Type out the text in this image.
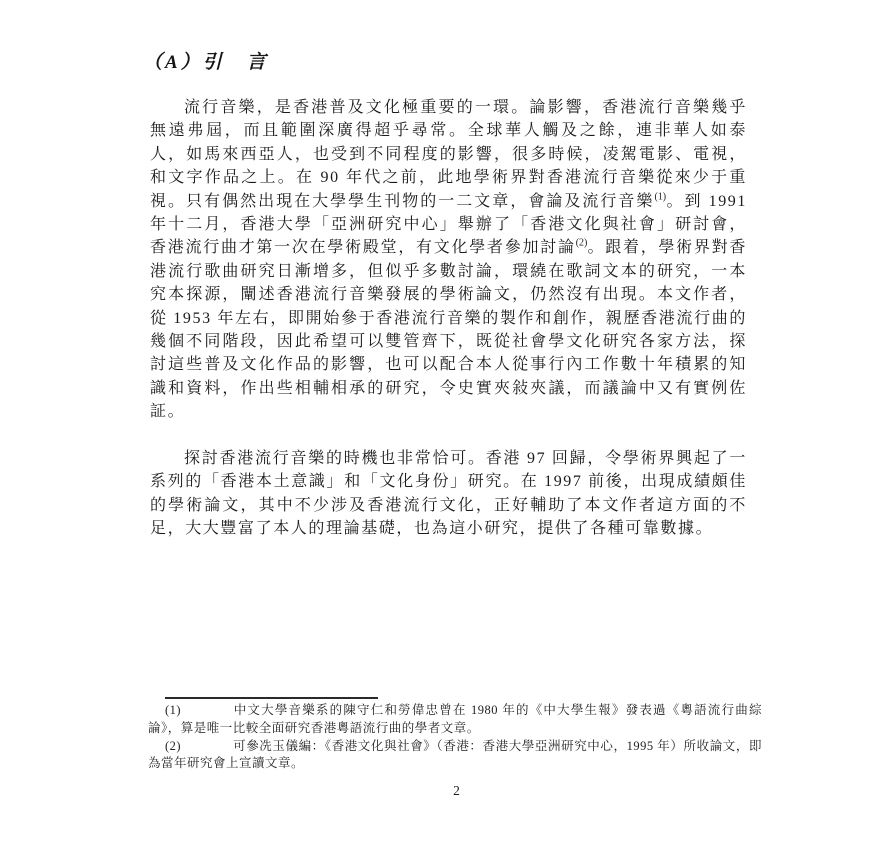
（A）引　言

流行音樂，是香港普及文化極重要的一環。論影響，香港流行音樂幾乎無遠弗屆，而且範圍深廣得超乎尋常。全球華人觸及之餘，連非華人如泰人，如馬來西亞人，也受到不同程度的影響，很多時候，凌駕電影、電視，和文字作品之上。在 90 年代之前，此地學術界對香港流行音樂從來少于重視。只有偶然出現在大學學生刊物的一二文章，會論及流行音樂$^{(1)}$。到 1991 年十二月，香港大學「亞洲研究中心」舉辦了「香港文化與社會」研討會，香港流行曲才第一次在學術殿堂，有文化學者參加討論$^{(2)}$。跟着，學術界對香港流行歌曲研究日漸增多，但似乎多數討論，環繞在歌詞文本的研究，一本究本探源，闡述香港流行音樂發展的學術論文，仍然沒有出現。本文作者，從 1953 年左右，即開始參于香港流行音樂的製作和創作，親歷香港流行曲的幾個不同階段，因此希望可以雙管齊下，既從社會學文化研究各家方法，探討這些普及文化作品的影響，也可以配合本人從事行內工作數十年積累的知識和資料，作出些相輔相承的研究，令史實夾敍夾議，而議論中又有實例佐証。

探討香港流行音樂的時機也非常恰可。香港 97 回歸，令學術界興起了一系列的「香港本土意識」和「文化身份」研究。在 1997 前後，出現成績頗佳的學術論文，其中不少涉及香港流行文化，正好輔助了本文作者這方面的不足，大大豐富了本人的理論基礎，也為這小研究，提供了各種可靠數據。

(1)	中文大學音樂系的陳守仁和勞偉忠曾在 1980 年的《中大學生報》發表過《粵語流行曲綜論》，算是唯一比較全面研究香港粵語流行曲的學者文章。

(2)	可參冼玉儀編：《香港文化與社會》（香港：香港大學亞洲研究中心，1995 年）所收論文，即為當年研究會上宣讀文章。

2
